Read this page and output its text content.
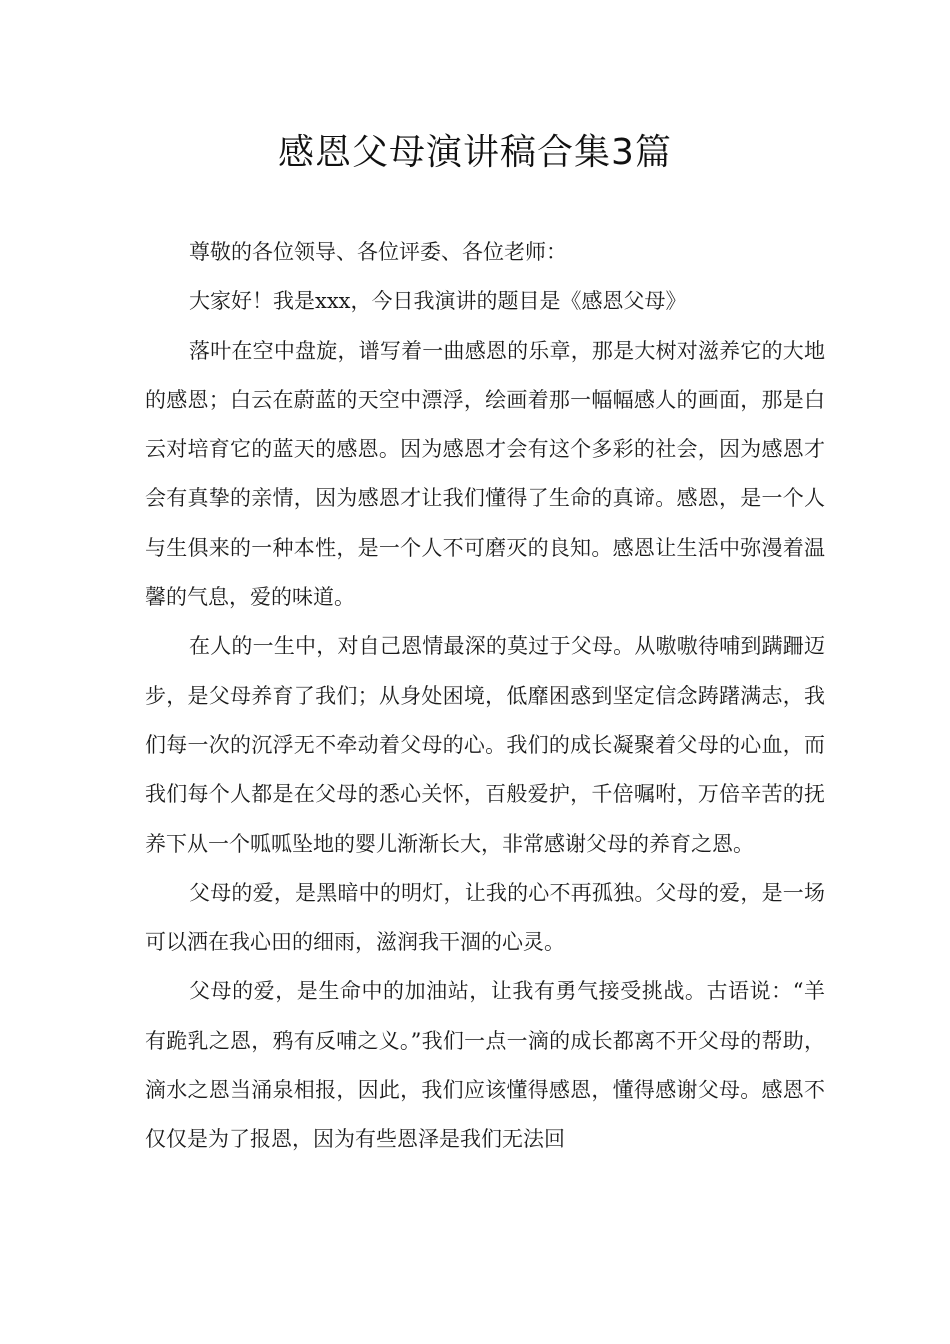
感恩父母演讲稿合集3篇

尊敬的各位领导、各位评委、各位老师：

大家好！我是xxx，今日我演讲的题目是《感恩父母》

落叶在空中盘旋，谱写着一曲感恩的乐章，那是大树对滋养它的大地的感恩；白云在蔚蓝的天空中漂浮，绘画着那一幅幅感人的画面，那是白云对培育它的蓝天的感恩。因为感恩才会有这个多彩的社会，因为感恩才会有真挚的亲情，因为感恩才让我们懂得了生命的真谛。感恩，是一个人与生俱来的一种本性，是一个人不可磨灭的良知。感恩让生活中弥漫着温馨的气息，爱的味道。

在人的一生中，对自己恩情最深的莫过于父母。从嗷嗷待哺到蹒跚迈步，是父母养育了我们；从身处困境，低靡困惑到坚定信念踌躇满志，我们每一次的沉浮无不牵动着父母的心。我们的成长凝聚着父母的心血，而我们每个人都是在父母的悉心关怀，百般爱护，千倍嘱咐，万倍辛苦的抚养下从一个呱呱坠地的婴儿渐渐长大，非常感谢父母的养育之恩。

父母的爱，是黑暗中的明灯，让我的心不再孤独。父母的爱，是一场可以洒在我心田的细雨，滋润我干涸的心灵。

父母的爱，是生命中的加油站，让我有勇气接受挑战。古语说：“羊有跪乳之恩，鸦有反哺之义。”我们一点一滴的成长都离不开父母的帮助，滴水之恩当涌泉相报，因此，我们应该懂得感恩，懂得感谢父母。感恩不仅仅是为了报恩，因为有些恩泽是我们无法回
